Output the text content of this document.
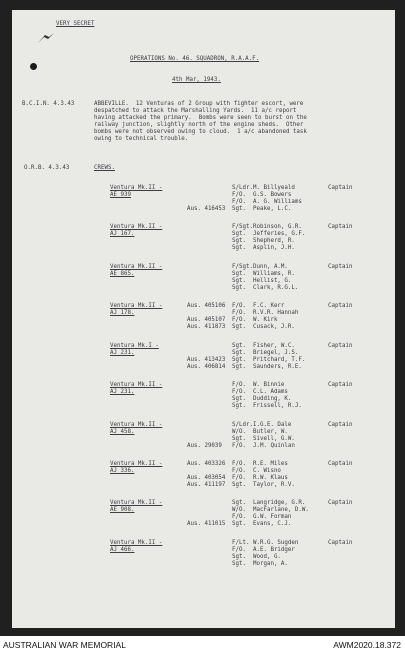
VERY SECRET
OPERATIONS No. 46. SQUADRON, R.A.A.F.
4th Mar, 1943.
B.C.I.N. 4.3.43	ABBEVILLE.  12 Venturas of 2 Group with fighter escort, were
despatched to attack the Marshalling Yards.  11 a/c report
having attacked the primary.  Bombs were seen to burst on the
railway junction, slightly north of the engine sheds.  Other
bombs were not observed owing to cloud.  1 a/c abandoned task
owing to technical trouble.
O.R.B. 4.3.43	CREWS.
Ventura Mk.II -
AE 939
S/Ldr. M. Billyeald
F/O. G.S. Bowers
F/O. A. G. Williams
Aus. 416453 Sgt. Peake, L.C.
Captain
Ventura Mk.II -
AJ 167.
F/Sgt. Robinson, G.R.
Sgt. Jefferies, G.F.
Sgt. Shepherd, R.
Sgt. Asplin, J.H.
Captain
Ventura Mk.II -
AE 865.
F/Sgt. Dunn, A.M.
Sgt. Williams, R.
Sgt. Hellist, G.
Sgt. Clark, R.G.L.
Captain
Ventura Mk.II -
AJ 178.
Aus. 405106 F/O. F.C. Kerr
F/O. R.V.R. Hannah
Aus. 405107 F/O. W. Kirk
Aus. 411873 Sgt. Cusack, J.R.
Captain
Ventura Mk.I -
AJ 231.
Sgt. Fisher, W.C.
Sgt. Briegel, J.S.
Aus. 413423 Sgt. Pritchard, T.F.
Aus. 406814 Sgt. Saunders, R.E.
Captain
Ventura Mk.II -
AJ 231.
F/O. W. Binnie
F/O. C.L. Adams
Sgt. Dudding, K.
Sgt. Frissell, R.J.
Captain
Ventura Mk.II -
AJ 458.
S/Ldr. I.G.E. Dale
W/O. Butler, W.
Sgt. Sivell, G.W.
Aus. 29039 F/O. J.M. Quinlan
Captain
Ventura Mk.II -
AJ 336.
Aus. 403326 F/O. R.E. Miles
F/O. C. Wisno
Aus. 403054 F/O. R.W. Klaus
Aus. 411197 Sgt. Taylor, R.V.
Captain
Ventura Mk.II -
AE 908.
Sgt. Langridge, G.R.
W/O. MacFarlane, D.W.
F/O. G.W. Forman
Aus. 411015 Sgt. Evans, C.J.
Captain
Ventura Mk.II -
AJ 466.
F/Lt. W.R.G. Sugden
F/O. A.E. Bridger
Sgt. Wood, G.
Sgt. Morgan, A.
Captain
AUSTRALIAN WAR MEMORIAL	AWM2020.18.372
